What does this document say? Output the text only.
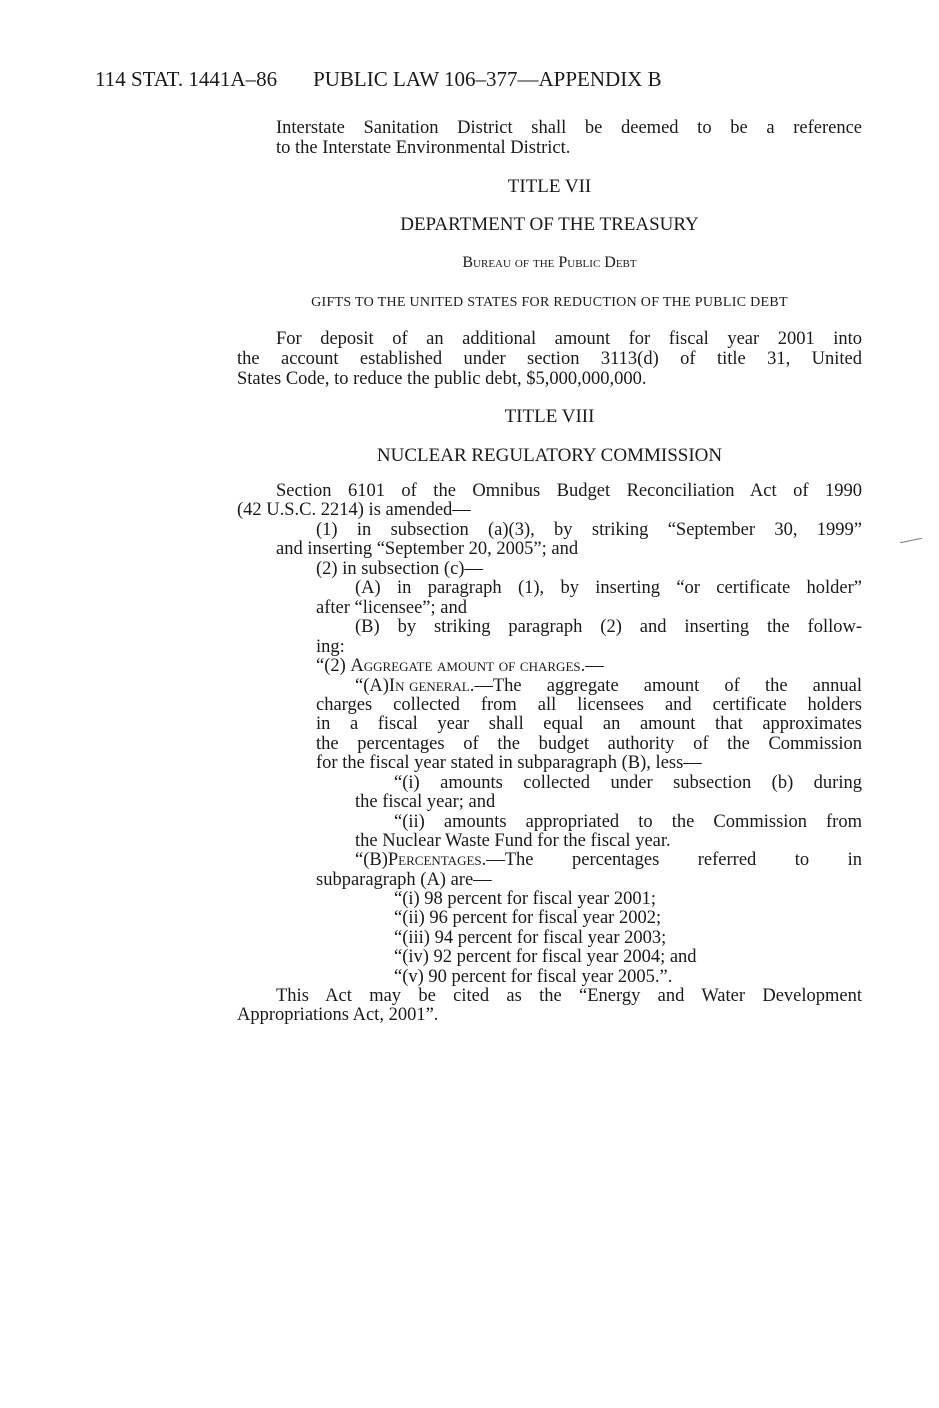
114 STAT. 1441A–86 PUBLIC LAW 106–377—APPENDIX B
Interstate Sanitation District shall be deemed to be a reference
to the Interstate Environmental District.
TITLE VII
DEPARTMENT OF THE TREASURY
Bureau of the Public Debt
GIFTS TO THE UNITED STATES FOR REDUCTION OF THE PUBLIC DEBT
For deposit of an additional amount for fiscal year 2001 into
the account established under section 3113(d) of title 31, United
States Code, to reduce the public debt, $5,000,000,000.
TITLE VIII
NUCLEAR REGULATORY COMMISSION
Section 6101 of the Omnibus Budget Reconciliation Act of 1990
(42 U.S.C. 2214) is amended—
(1) in subsection (a)(3), by striking “September 30, 1999”
and inserting “September 20, 2005”; and
(2) in subsection (c)—
(A) in paragraph (1), by inserting “or certificate holder”
after “licensee”; and
(B) by striking paragraph (2) and inserting the follow-
ing:
“(2) Aggregate amount of charges.—
“(A) In general. —The aggregate amount of the annual
charges collected from all licensees and certificate holders
in a fiscal year shall equal an amount that approximates
the percentages of the budget authority of the Commission
for the fiscal year stated in subparagraph (B), less—
“(i) amounts collected under subsection (b) during
the fiscal year; and
“(ii) amounts appropriated to the Commission from
the Nuclear Waste Fund for the fiscal year.
“(B) Percentages. —The percentages referred to in
subparagraph (A) are—
“(i) 98 percent for fiscal year 2001;
“(ii) 96 percent for fiscal year 2002;
“(iii) 94 percent for fiscal year 2003;
“(iv) 92 percent for fiscal year 2004; and
“(v) 90 percent for fiscal year 2005.”.
This Act may be cited as the “Energy and Water Development
Appropriations Act, 2001”.
